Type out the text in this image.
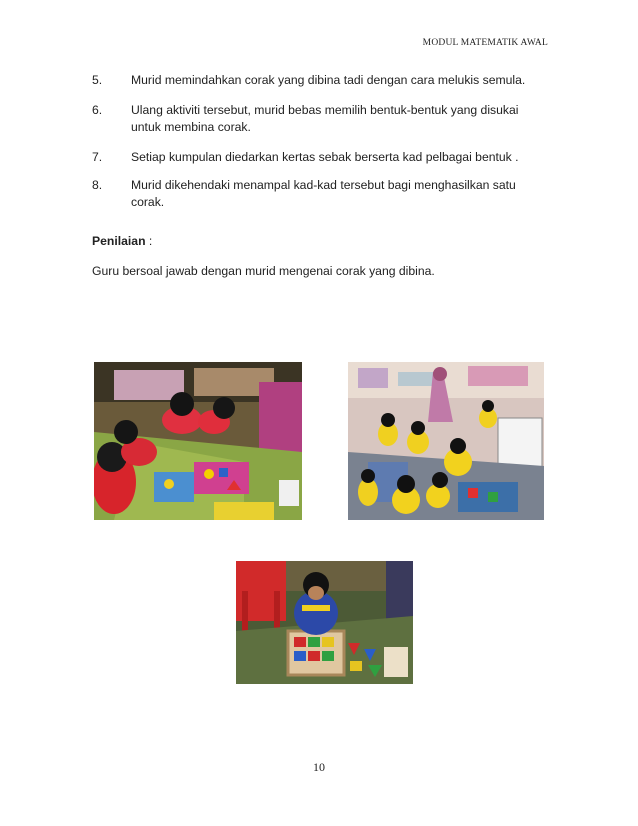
MODUL MATEMATIK AWAL
5. Murid memindahkan corak yang dibina tadi dengan cara melukis semula.
6. Ulang aktiviti tersebut, murid bebas memilih bentuk-bentuk yang disukai untuk membina corak.
7. Setiap kumpulan diedarkan kertas sebak berserta kad pelbagai bentuk .
8. Murid dikehendaki menampal kad-kad tersebut bagi menghasilkan satu corak.
Penilaian :
Guru bersoal jawab dengan murid mengenai corak yang dibina.
10
